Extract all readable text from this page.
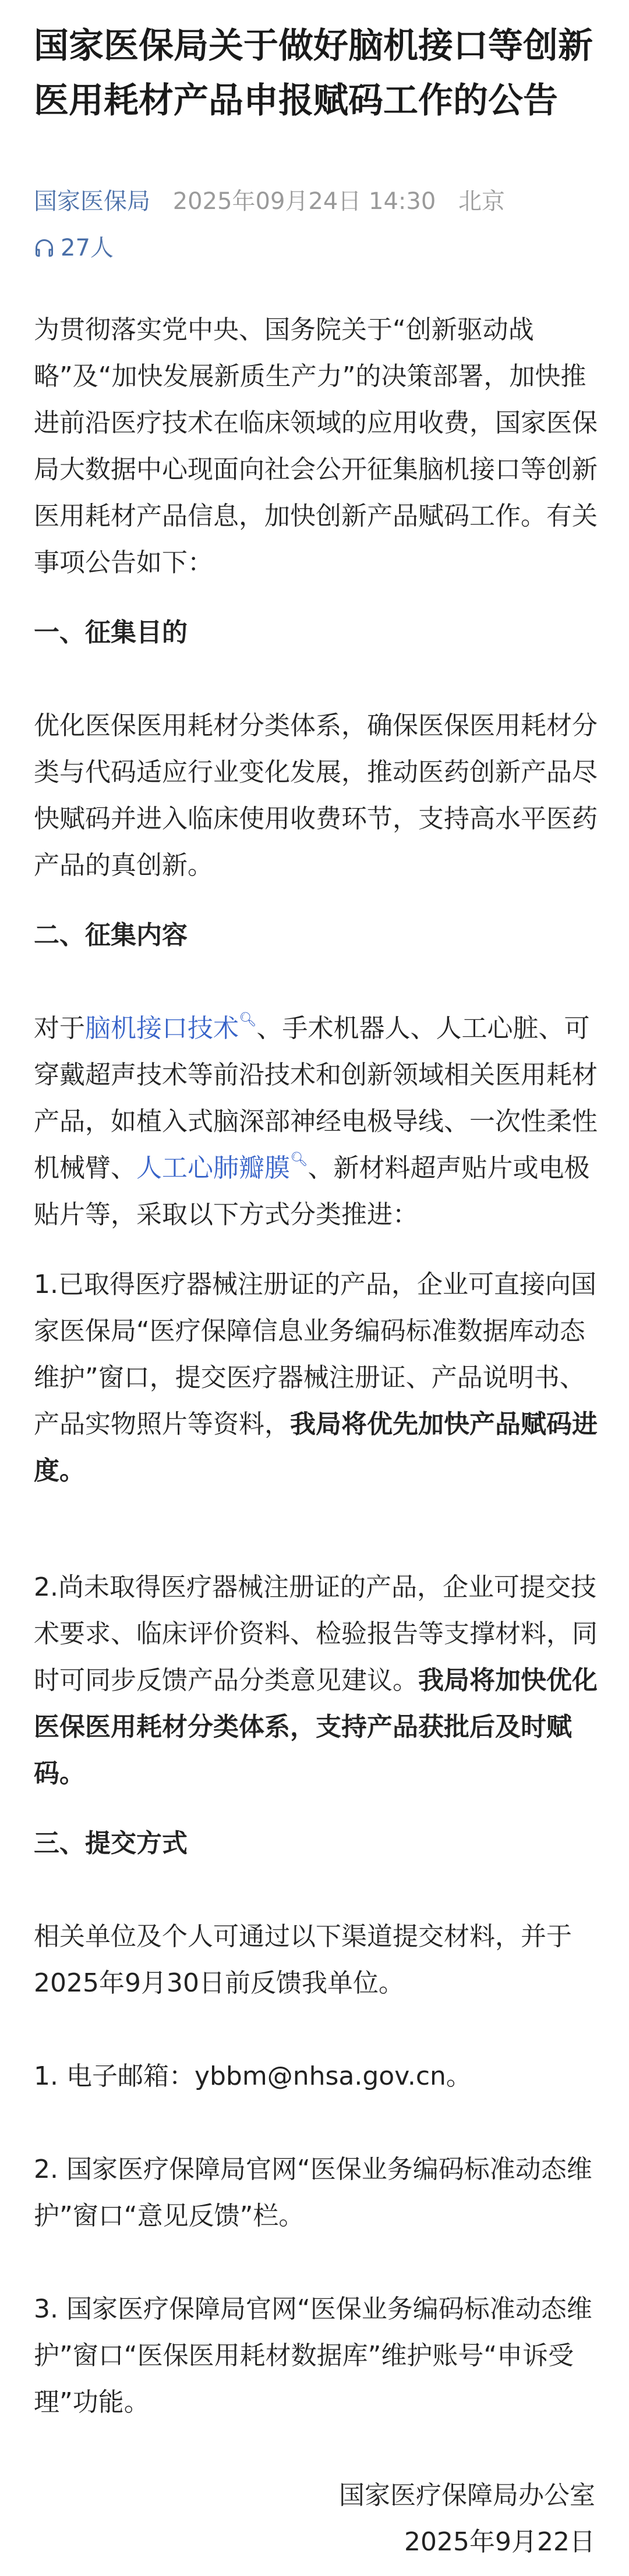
国家医保局关于做好脑机接口等创新医用耗材产品申报赋码工作的公告
国家医保局 2025年09月24日 14:30 北京
27人

为贯彻落实党中央、国务院关于“创新驱动战略”及“加快发展新质生产力”的决策部署，加快推进前沿医疗技术在临床领域的应用收费，国家医保局大数据中心现面向社会公开征集脑机接口等创新医用耗材产品信息，加快创新产品赋码工作。有关事项公告如下：

一、征集目的

优化医保医用耗材分类体系，确保医保医用耗材分类与代码适应行业变化发展，推动医药创新产品尽快赋码并进入临床使用收费环节，支持高水平医药产品的真创新。

二、征集内容

对于脑机接口技术🔍︎、手术机器人、人工心脏、可穿戴超声技术等前沿技术和创新领域相关医用耗材产品，如植入式脑深部神经电极导线、一次性柔性机械臂、人工心肺瓣膜🔍︎、新材料超声贴片或电极贴片等，采取以下方式分类推进：

1.已取得医疗器械注册证的产品，企业可直接向国家医保局“医疗保障信息业务编码标准数据库动态维护”窗口，提交医疗器械注册证、产品说明书、产品实物照片等资料，我局将优先加快产品赋码进度。

2.尚未取得医疗器械注册证的产品，企业可提交技术要求、临床评价资料、检验报告等支撑材料，同时可同步反馈产品分类意见建议。我局将加快优化医保医用耗材分类体系，支持产品获批后及时赋码。

三、提交方式

相关单位及个人可通过以下渠道提交材料，并于2025年9月30日前反馈我单位。

1. 电子邮箱：ybbm@nhsa.gov.cn。

2. 国家医疗保障局官网“医保业务编码标准动态维护”窗口“意见反馈”栏。

3. 国家医疗保障局官网“医保业务编码标准动态维护”窗口“医保医用耗材数据库”维护账号“申诉受理”功能。

国家医疗保障局办公室
2025年9月22日
